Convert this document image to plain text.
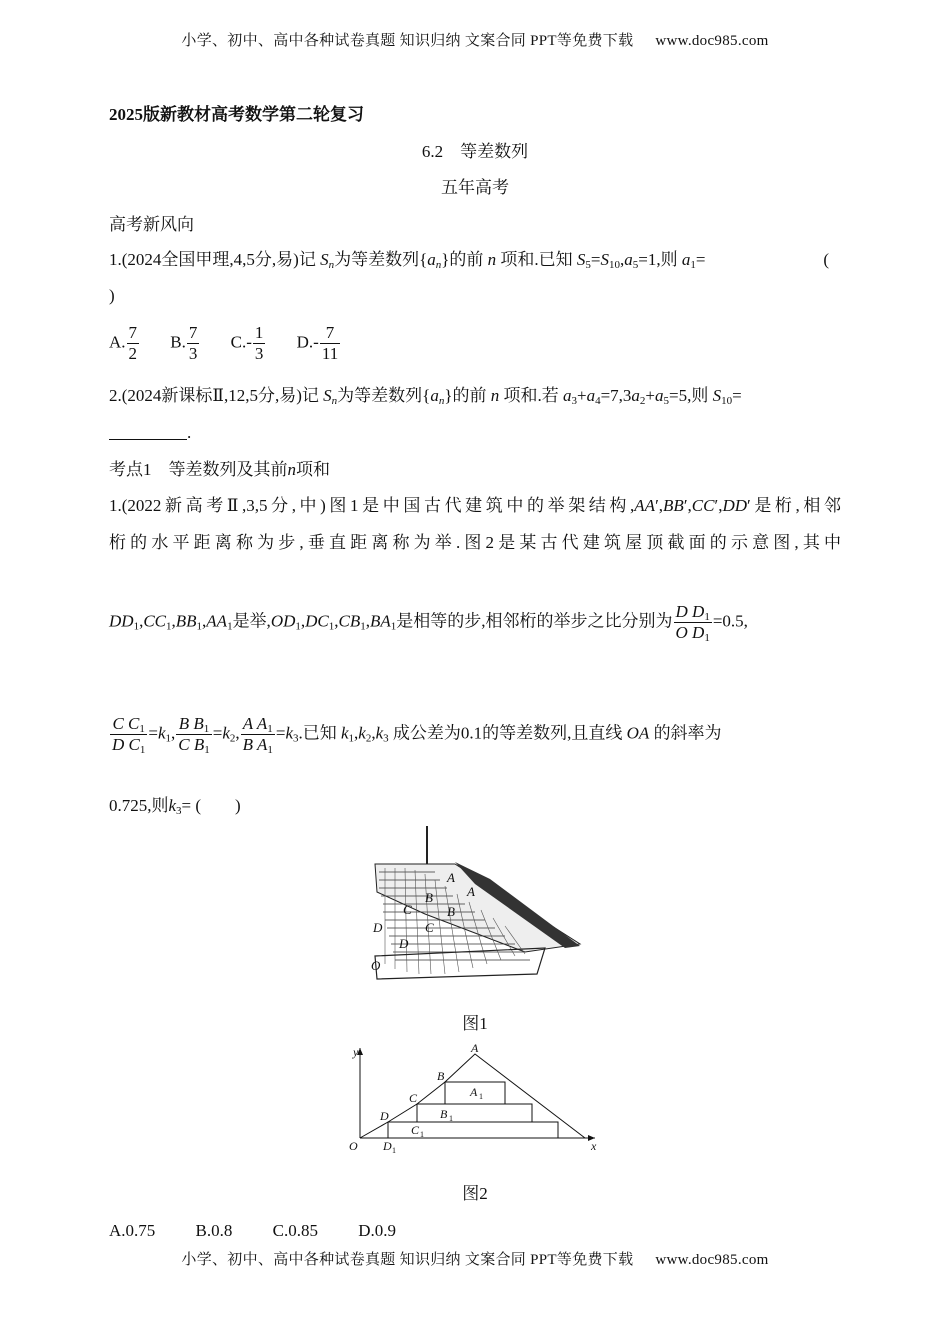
小学、初中、高中各种试卷真题 知识归纳 文案合同 PPT等免费下载 www.doc985.com
2025版新教材高考数学第二轮复习
6.2　等差数列
五年高考
高考新风向
1.(2024全国甲理,4,5分,易)记 $S_n$为等差数列$\{a_n\}$的前 n 项和.已知 $S_5=S_{10},a_5=1$,则 $a_1=$	(
)
A. $\frac{7}{2} B$. $\frac{7}{3} C.- \frac{1}{3} D.- \frac{7}{11}$
2.(2024新课标Ⅱ,12,5分,易)记 $S_n$为等差数列$\{a_n\}$的前 n 项和.若 $a_3+a_4=7,3a_2+a_5=5$,则 $S_{10}=$
.
考点1　等差数列及其前n项和
1.(2022新高考Ⅱ,3,5分,中)图1是中国古代建筑中的举架结构,AA′,BB′,CC′,DD′是桁,相邻
桁的水平距离称为步,垂直距离称为举.图2是某古代建筑屋顶截面的示意图,其中
$DD_1,CC_1,BB_1,AA_1$是举$,OD_1,DC_1,CB_1,BA_1$是相等的步,相邻桁的举步之比分别为 $\frac{D D_1}{O D_1} =0.5$,
$\frac{C C_1}{D C_1} =k_1$, $\frac{B B_1}{C B_1} =k_2$, $\frac{A A_1}{B A_1} =k_3$.已知 $k_1,k_2,k_3$ 成公差为0.1的等差数列,且直线 OA 的斜率为
0.725,则$k_3=$ (　　)
A
A
B
B
C
C
D
D
O
图1
y
x
O
A
B
C
D
A
B
C
D
1
1
1
1
图2
A.0.75 B.0.8 C.0.85 D.0.9
小学、初中、高中各种试卷真题 知识归纳 文案合同 PPT等免费下载 www.doc985.com
